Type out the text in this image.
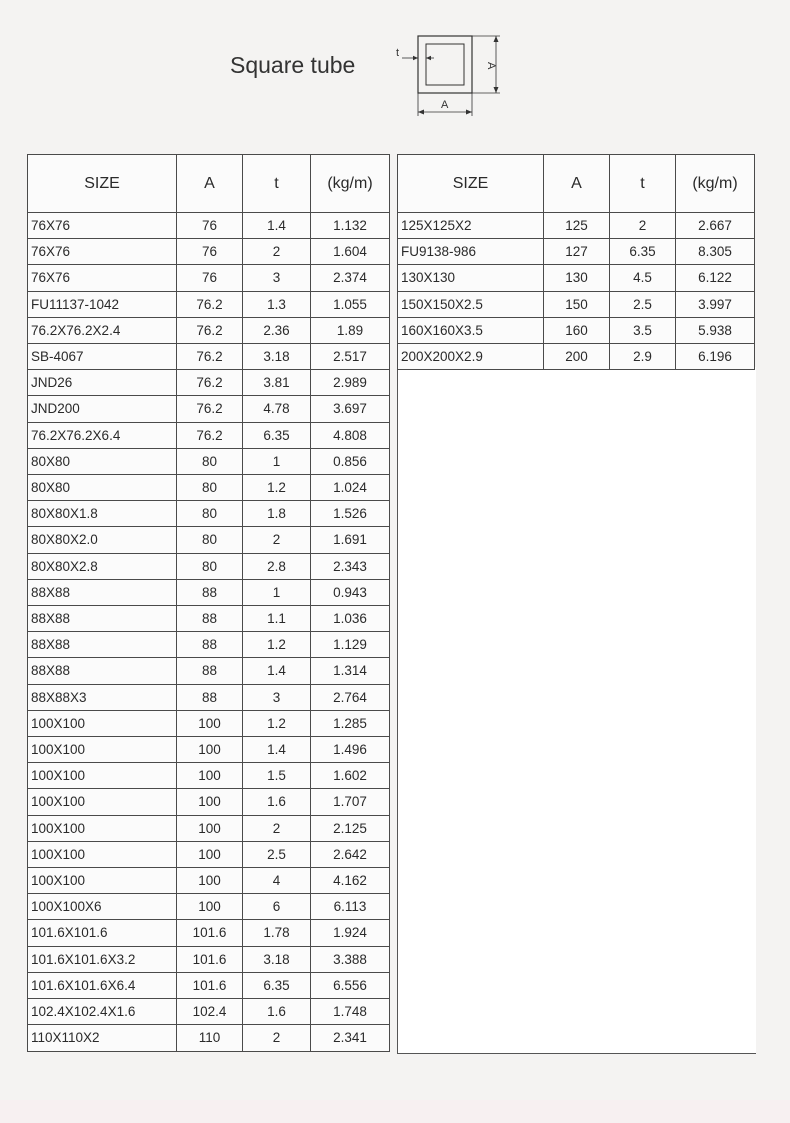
Square tube	A
A
t
SIZE	A	t	(kg/m)
76X76	76	1.4	1.132
76X76	76	2	1.604
76X76	76	3	2.374
FU11137-1042	76.2	1.3	1.055
76.2X76.2X2.4	76.2	2.36	1.89
SB-4067	76.2	3.18	2.517
JND26	76.2	3.81	2.989
JND200	76.2	4.78	3.697
76.2X76.2X6.4	76.2	6.35	4.808
80X80	80	1	0.856
80X80	80	1.2	1.024
80X80X1.8	80	1.8	1.526
80X80X2.0	80	2	1.691
80X80X2.8	80	2.8	2.343
88X88	88	1	0.943
88X88	88	1.1	1.036
88X88	88	1.2	1.129
88X88	88	1.4	1.314
88X88X3	88	3	2.764
100X100	100	1.2	1.285
100X100	100	1.4	1.496
100X100	100	1.5	1.602
100X100	100	1.6	1.707
100X100	100	2	2.125
100X100	100	2.5	2.642
100X100	100	4	4.162
100X100X6	100	6	6.113
101.6X101.6	101.6	1.78	1.924
101.6X101.6X3.2	101.6	3.18	3.388
101.6X101.6X6.4	101.6	6.35	6.556
102.4X102.4X1.6	102.4	1.6	1.748
110X110X2	110	2	2.341
SIZE	A	t	(kg/m)
125X125X2	125	2	2.667
FU9138-986	127	6.35	8.305
130X130	130	4.5	6.122
150X150X2.5	150	2.5	3.997
160X160X3.5	160	3.5	5.938
200X200X2.9	200	2.9	6.196
